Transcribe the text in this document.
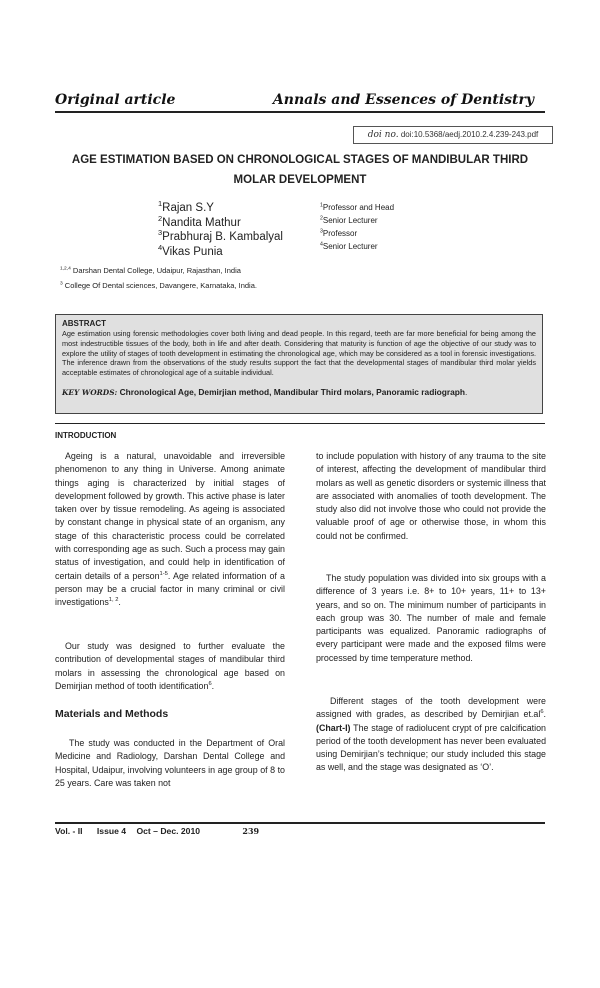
Original article	Annals and Essences of Dentistry
doi no. doi:10.5368/aedj.2010.2.4.239-243.pdf
AGE ESTIMATION BASED ON CHRONOLOGICAL STAGES OF MANDIBULAR THIRD MOLAR DEVELOPMENT
$^1$Rajan S.Y
$^2$Nandita Mathur
$^3$Prabhuraj B. Kambalyal
$^4$Vikas Punia
$^1$Professor and Head
$^2$Senior Lecturer
$^3$Professor
$^4$Senior Lecturer
$^{1,2,4}$ Darshan Dental College, Udaipur, Rajasthan, India
$^3$ College Of Dental sciences, Davangere, Karnataka, India.
ABSTRACT
Age estimation using forensic methodologies cover both living and dead people. In this regard, teeth are far more beneficial for being among the most indestructible tissues of the body, both in life and after death. Considering that maturity is function of age the objective of our study was to explore the utility of stages of tooth development in estimating the chronological age, which may be considered as a tool in forensic investigations. The inference drawn from the observations of the study results support the fact that the developmental stages of mandibular third molar yields acceptable estimates of chronological age of a suitable individual.
KEY WORDS: Chronological Age, Demirjian method, Mandibular Third molars, Panoramic radiograph.
INTRODUCTION

Ageing is a natural, unavoidable and irreversible phenomenon to any thing in Universe. Among animate things aging is characterized by initial stages of development followed by growth. This active phase is later taken over by tissue remodeling. As ageing is associated by constant change in physical state of an organism, any stage of this characteristic process could be correlated with corresponding age as such. Such a process may gain status of investigation, and could help in identification of certain details of a person$^{1-5}$. Age related information of a person may be a crucial factor in many criminal or civil investigations$^{1, 2}$.

Our study was designed to further evaluate the contribution of developmental stages of mandibular third molars in assessing the chronological age based on Demirjian method of tooth identification$^6$.

Materials and Methods

The study was conducted in the Department of Oral Medicine and Radiology, Darshan Dental College and Hospital, Udaipur, involving volunteers in age group of 8 to 25 years. Care was taken not

to include population with history of any trauma to the site of interest, affecting the development of mandibular third molars as well as genetic disorders or systemic illness that are associated with anomalies of tooth development. The study also did not involve those who could not provide the valuable proof of age or otherwise those, in whom this could not be confirmed.

The study population was divided into six groups with a difference of 3 years i.e. 8+ to 10+ years, 11+ to 13+ years, and so on. The minimum number of participants in each group was 30. The number of male and female participants was equalized. Panoramic radiographs of every participant were made and the exposed films were processed by time temperature method.

Different stages of the tooth development were assigned with grades, as described by Demirjian $et.al^6$. (Chart-I) The stage of radiolucent crypt of pre calcification period of the tooth development has never been evaluated using Demirjian’s technique; our study included this stage as well, and the stage was designated as ‘O’.

Vol. - II Issue 4 Oct – Dec. 2010	239
